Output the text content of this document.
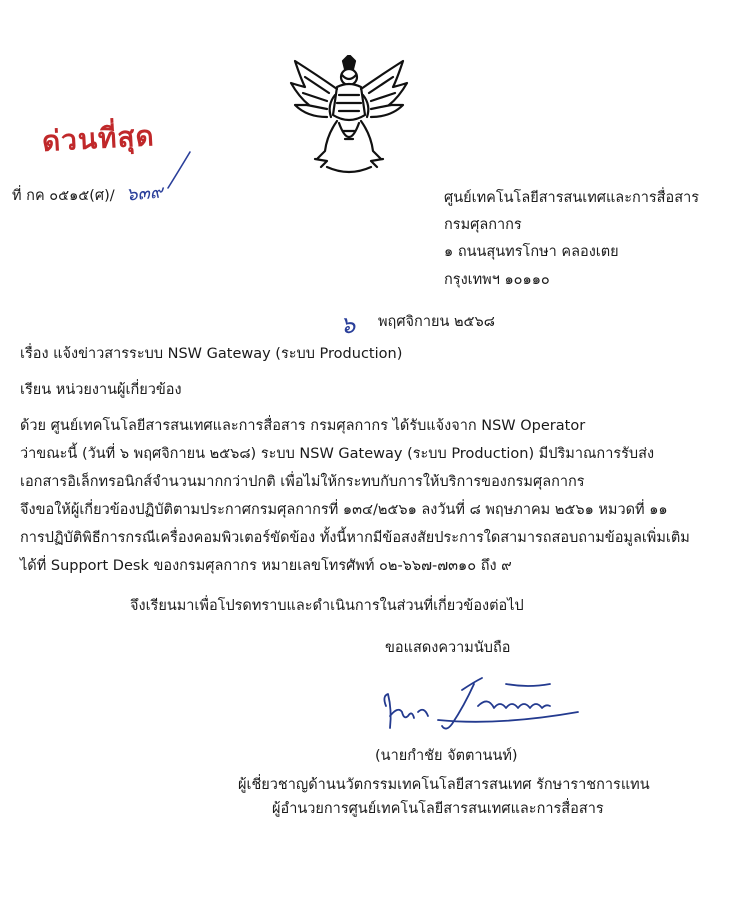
ด่วนที่สุด
ที่ กค ๐๕๑๕(ศ)/ ๖๓๙	ศูนย์เทคโนโลยีสารสนเทศและการสื่อสาร
กรมศุลกากร
๑ ถนนสุนทรโกษา คลองเตย
กรุงเทพฯ ๑๐๑๑๐
๖ พฤศจิกายน ๒๕๖๘
เรื่อง แจ้งข่าวสารระบบ NSW Gateway (ระบบ Production)
เรียน หน่วยงานผู้เกี่ยวข้อง
ด้วย ศูนย์เทคโนโลยีสารสนเทศและการสื่อสาร กรมศุลกากร ได้รับแจ้งจาก NSW Operator
ว่าขณะนี้ (วันที่ ๖ พฤศจิกายน ๒๕๖๘) ระบบ NSW Gateway (ระบบ Production) มีปริมาณการรับส่ง
เอกสารอิเล็กทรอนิกส์จำนวนมากกว่าปกติ เพื่อไม่ให้กระทบกับการให้บริการของกรมศุลกากร
จึงขอให้ผู้เกี่ยวข้องปฏิบัติตามประกาศกรมศุลกากรที่ ๑๓๔/๒๕๖๑ ลงวันที่ ๘ พฤษภาคม ๒๕๖๑ หมวดที่ ๑๑
การปฏิบัติพิธีการกรณีเครื่องคอมพิวเตอร์ขัดข้อง ทั้งนี้หากมีข้อสงสัยประการใดสามารถสอบถามข้อมูลเพิ่มเติม
ได้ที่ Support Desk ของกรมศุลกากร หมายเลขโทรศัพท์ ๐๒-๖๖๗-๗๓๑๐ ถึง ๙
จึงเรียนมาเพื่อโปรดทราบและดำเนินการในส่วนที่เกี่ยวข้องต่อไป
ขอแสดงความนับถือ
(นายกำชัย จัตตานนท์)
ผู้เชี่ยวชาญด้านนวัตกรรมเทคโนโลยีสารสนเทศ รักษาราชการแทน
ผู้อำนวยการศูนย์เทคโนโลยีสารสนเทศและการสื่อสาร
